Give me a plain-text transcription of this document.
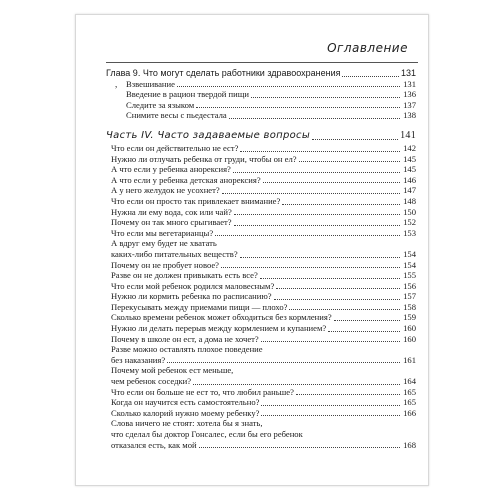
Оглавление
Глава 9. Что могут сделать работники здравоохранения	131
, Взвешивание	131
Введение в рацион твердой пищи	136
Следите за языком	137
Снимите весы с пьедестала	138
Часть IV. Часто задаваемые вопросы	141
Что если он действительно не ест?	142
Нужно ли отлучать ребенка от груди, чтобы он ел?	145
А что если у ребенка анорексия?	145
А что если у ребенка детская анорексия?	146
А у него желудок не усохнет?	147
Что если он просто так привлекает внимание?	148
Нужна ли ему вода, сок или чай?	150
Почему он так много срыгивает?	152
Что если мы вегетарианцы?	153
А вдруг ему будет не хватать
каких-либо питательных веществ?	154
Почему он не пробует новое?	154
Разве он не должен привыкать есть все?	155
Что если мой ребенок родился маловесным?	156
Нужно ли кормить ребенка по расписанию?	157
Перекусывать между приемами пищи — плохо?	158
Сколько времени ребенок может обходиться без кормления?	159
Нужно ли делать перерыв между кормлением и купанием?	160
Почему в школе он ест, а дома не хочет?	160
Разве можно оставлять плохое поведение
без наказания?	161
Почему мой ребенок ест меньше,
чем ребенок соседки?	164
Что если он больше не ест то, что любил раньше?	165
Когда он научится есть самостоятельно?	165
Сколько калорий нужно моему ребенку?	166
Слова ничего не стоят: хотела бы я знать,
что сделал бы доктор Гонсалес, если бы его ребенок
отказался есть, как мой	168
